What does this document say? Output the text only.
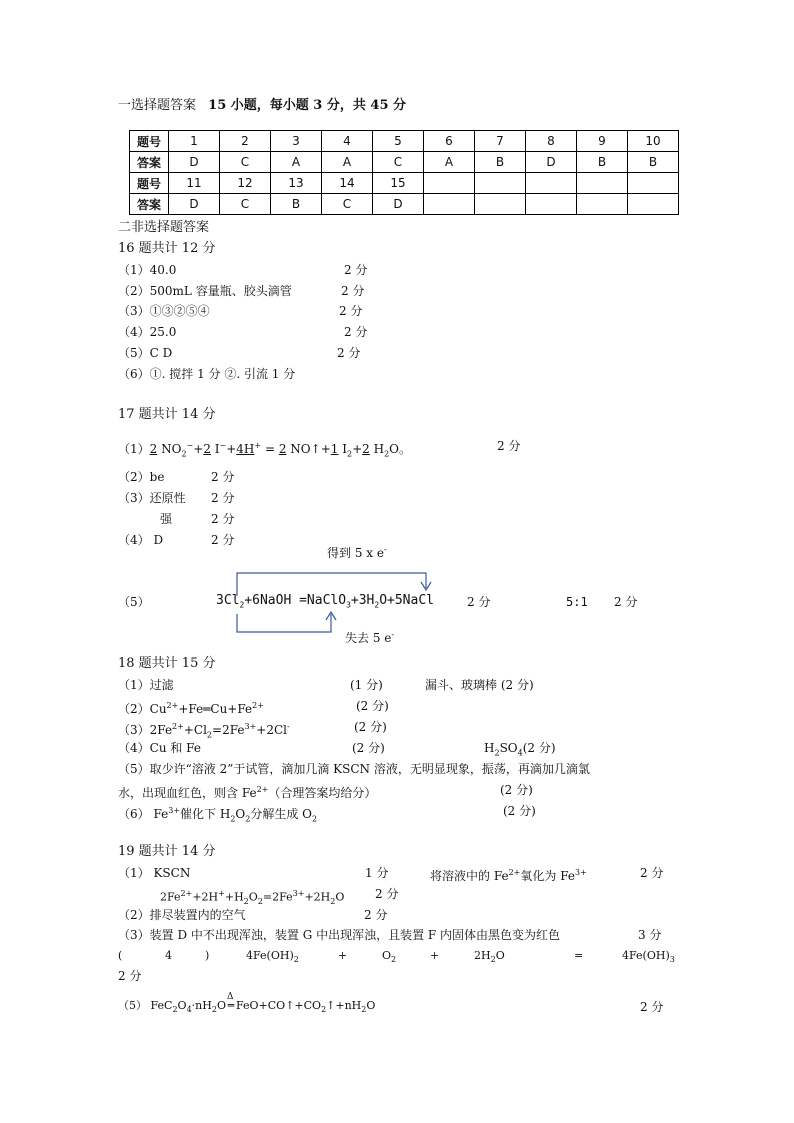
一选择题答案 15 小题，每小题 3 分，共 45 分
题号	1	2	3	4	5	6	7	8	9	10
答案	D	C	A	A	C	A	B	D	B	B
题号	11	12	13	14	15					
答案	D	C	B	C	D					
二非选择题答案
16 题共计 12 分
（1）40.0	2 分
（2）500mL 容量瓶、胶头滴管	2 分
（3）①③②⑤④	2 分
（4）25.0	2 分
（5）C D	2 分
（6）①. 搅拌 1 分 ②. 引流 1 分
17 题共计 14 分
（1）2 $NO_2^-+2$ I−+4H+ = 2 NO↑+1 $I_2+2$ $H_2O$。	2 分
（2）be	2 分
（3）还原性 2 分
强	2 分
（4） D	2 分
得到 5 x e-
（5）	$3Cl_2+6NaOH$ $=NaClO_3+3H_2O+5NaCl$	2 分	5:1 2 分
失去 5 e-
18 题共计 15 分
（1）过滤	(1 分)	漏斗、玻璃棒 (2 分)
$(2)Cu^{2+}+Fe═Cu+Fe^{2+}$	(2 分)
$(3)2Fe^{2+}+Cl_2=2Fe^{3+}+2Cl^-$	(2 分)
（4）Cu 和 Fe	(2 分)	$H_2SO_4(2$ 分)
（5）取少许“溶液 2”于试管，滴加几滴 KSCN 溶液，无明显现象，振荡，再滴加几滴氯
水，出现血红色，则含 $Fe^{2+}$（合理答案均给分）	(2 分)
（6） $Fe^{3+}$催化下 $H_2O_2$分解生成 $O_2$
(2 分)
19 题共计 14 分
（1） KSCN	1 分	将溶液中的 $Fe^{2+}$氧化为 $Fe^{3+}$	2 分
$2Fe^{2+}+2H^++H_2O_2=2Fe^{3+}+2H_2O$	2 分
（2）排尽装置内的空气	2 分
（3）装置 D 中不出现浑浊，装置 G 中出现浑浊，且装置 F 内固体由黑色变为红色	3 分
(	4	)	$4Fe(OH)_2$	+	$O_2$	+	$2H_2O$	=	$4Fe(OH)_3$
2 分
（5） $FeC_2O_4\cdot nH_2O$
Δ
═ $FeO+CO↑+CO_2↑+nH_2O$	2 分
